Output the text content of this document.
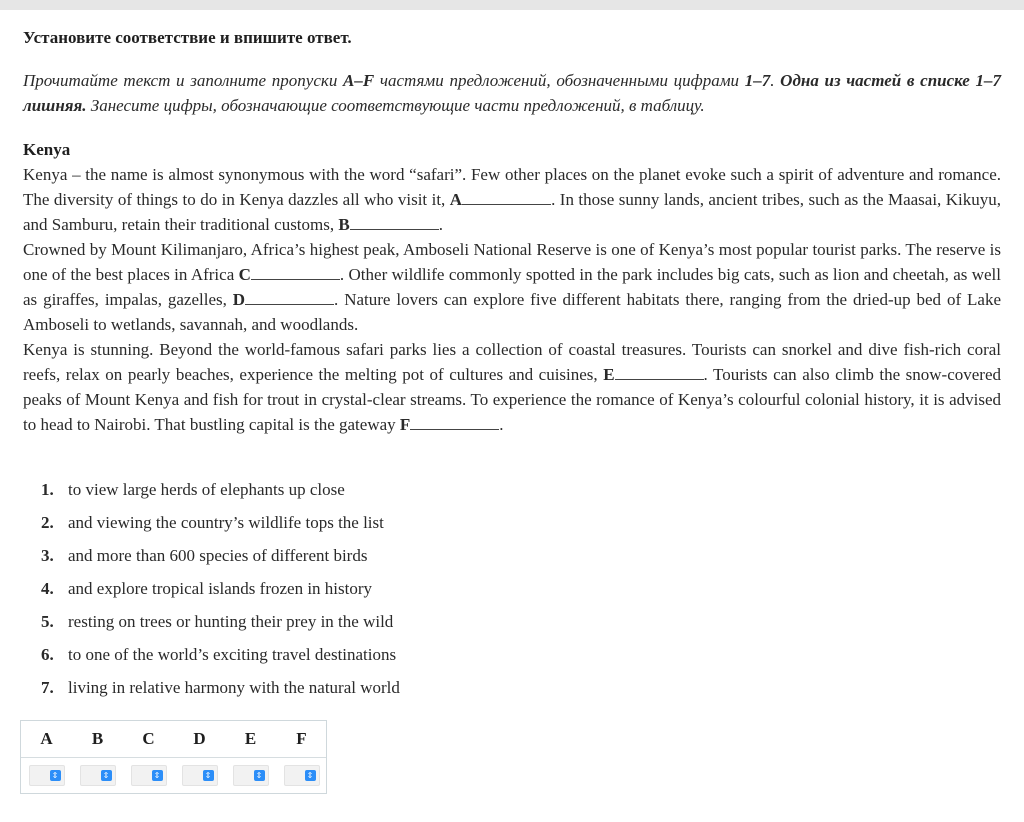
Установите соответствие и впишите ответ.
Прочитайте текст и заполните пропуски A–F частями предложений, обозначенными цифрами 1–7. Одна из частей в списке 1–7 лишняя. Занесите цифры, обозначающие соответствующие части предложений, в таблицу.
Kenya
Kenya – the name is almost synonymous with the word “safari”. Few other places on the planet evoke such a spirit of adventure and romance. The diversity of things to do in Kenya dazzles all who visit it, A	. In those sunny lands, ancient tribes, such as the Maasai, Kikuyu, and Samburu, retain their traditional customs, B	.
Crowned by Mount Kilimanjaro, Africa’s highest peak, Amboseli National Reserve is one of Kenya’s most popular tourist parks. The reserve is one of the best places in Africa C	. Other wildlife commonly spotted in the park includes big cats, such as lion and cheetah, as well as giraffes, impalas, gazelles, D	. Nature lovers can explore five different habitats there, ranging from the dried-up bed of Lake Amboseli to wetlands, savannah, and woodlands.
Kenya is stunning. Beyond the world-famous safari parks lies a collection of coastal treasures. Tourists can snorkel and dive fish-rich coral reefs, relax on pearly beaches, experience the melting pot of cultures and cuisines, E	. Tourists can also climb the snow-covered peaks of Mount Kenya and fish for trout in crystal-clear streams. To experience the romance of Kenya’s colourful colonial history, it is advised to head to Nairobi. That bustling capital is the gateway F	.
1. to view large herds of elephants up close
2. and viewing the country’s wildlife tops the list
3. and more than 600 species of different birds
4. and explore tropical islands frozen in history
5. resting on trees or hunting their prey in the wild
6. to one of the world’s exciting travel destinations
7. living in relative harmony with the natural world
A	B	C	D	E	F
⇕	⇕	⇕	⇕	⇕	⇕
